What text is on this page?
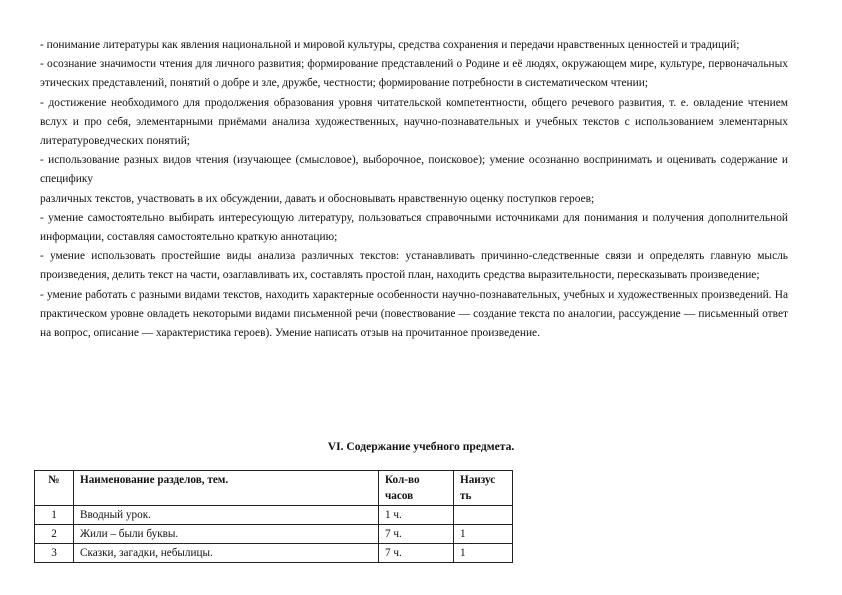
- понимание литературы как явления национальной и мировой культуры, средства сохранения и передачи нравственных ценностей и традиций;

- осознание значимости чтения для личного развития; формирование представлений о Родине и её людях, окружающем мире, культуре, первоначальных этических представлений, понятий о добре и зле, дружбе, честности; формирование потребности в систематическом чтении;

- достижение необходимого для продолжения образования уровня читательской компетентности, общего речевого развития, т. е. овладение чтением вслух и про себя, элементарными приёмами анализа художественных, научно-познавательных и учебных текстов с использованием элементарных литературоведческих понятий;

- использование разных видов чтения (изучающее (смысловое), выборочное, поисковое); умение осознанно воспринимать и оценивать содержание и специфику

различных текстов, участвовать в их обсуждении, давать и обосновывать нравственную оценку поступков героев;

- умение самостоятельно выбирать интересующую литературу, пользоваться справочными источниками для понимания и получения дополнительной информации, составляя самостоятельно краткую аннотацию;

- умение использовать простейшие виды анализа различных текстов: устанавливать причинно-следственные связи и определять главную мысль произведения, делить текст на части, озаглавливать их, составлять простой план, находить средства выразительности, пересказывать произведение;

- умение работать с разными видами текстов, находить характерные особенности научно-познавательных, учебных и художественных произведений. На практическом уровне овладеть некоторыми видами письменной речи (повествование — создание текста по аналогии, рассуждение — письменный ответ на вопрос, описание — характеристика героев). Умение написать отзыв на прочитанное произведение.

VI. Содержание учебного предмета.
№	Наименование разделов, тем.	Кол-во часов	Наизус ть
1	Вводный урок.	1 ч.	
2	Жили – были буквы.	7 ч.	1
3	Сказки, загадки, небылицы.	7 ч.	1
